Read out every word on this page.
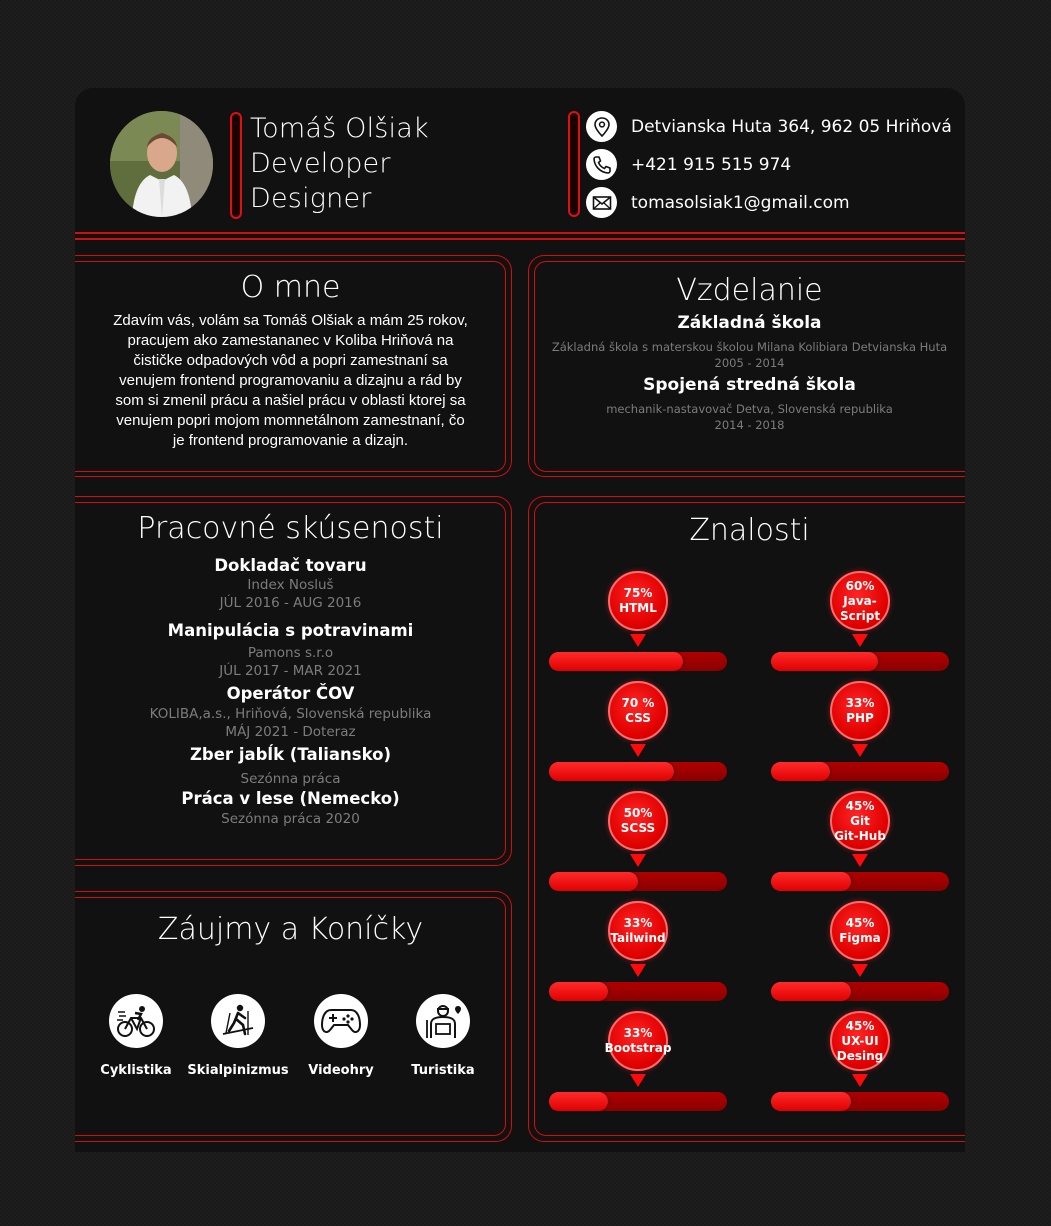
Tomáš Olšiak
Developer
Designer
Detvianska Huta 364, 962 05 Hriňová
+421 915 515 974
tomasolsiak1@gmail.com
O mne
Zdavím vás, volám sa Tomáš Olšiak a mám 25 rokov,
pracujem ako zamestananec v Koliba Hriňová na
čističke odpadových vôd a popri zamestnaní sa
venujem frontend programovaniu a dizajnu a rád by
som si zmenil prácu a našiel prácu v oblasti ktorej sa
venujem popri mojom momnetálnom zamestnaní, čo
je frontend programovanie a dizajn.
Vzdelanie
Základná škola
Základná škola s materskou školou Milana Kolibiara Detvianska Huta
2005 - 2014
Spojená stredná škola
mechanik-nastavovač Detva, Slovenská republika
2014 - 2018
Pracovné skúsenosti
Dokladač tovaru
Index Nosluš
JÚL 2016 - AUG 2016
Manipulácia s potravinami
Pamons s.r.o
JÚL 2017 - MAR 2021
Operátor ČOV
KOLIBA,a.s., Hriňová, Slovenská republika
MÁJ 2021 - Doteraz
Zber jabĺk (Taliansko)
Sezónna práca
Práca v lese (Nemecko)
Sezónna práca 2020
Záujmy a Koníčky
Cyklistika	Skialpinizmus	Videohry	Turistika
Znalosti
75%
HTML
60%
Java-
Script
70 %
CSS
33%
PHP
50%
SCSS
45%
Git
Git-Hub
33%
Tailwind
45%
Figma
33%
Bootstrap
45%
UX-UI
Desing
